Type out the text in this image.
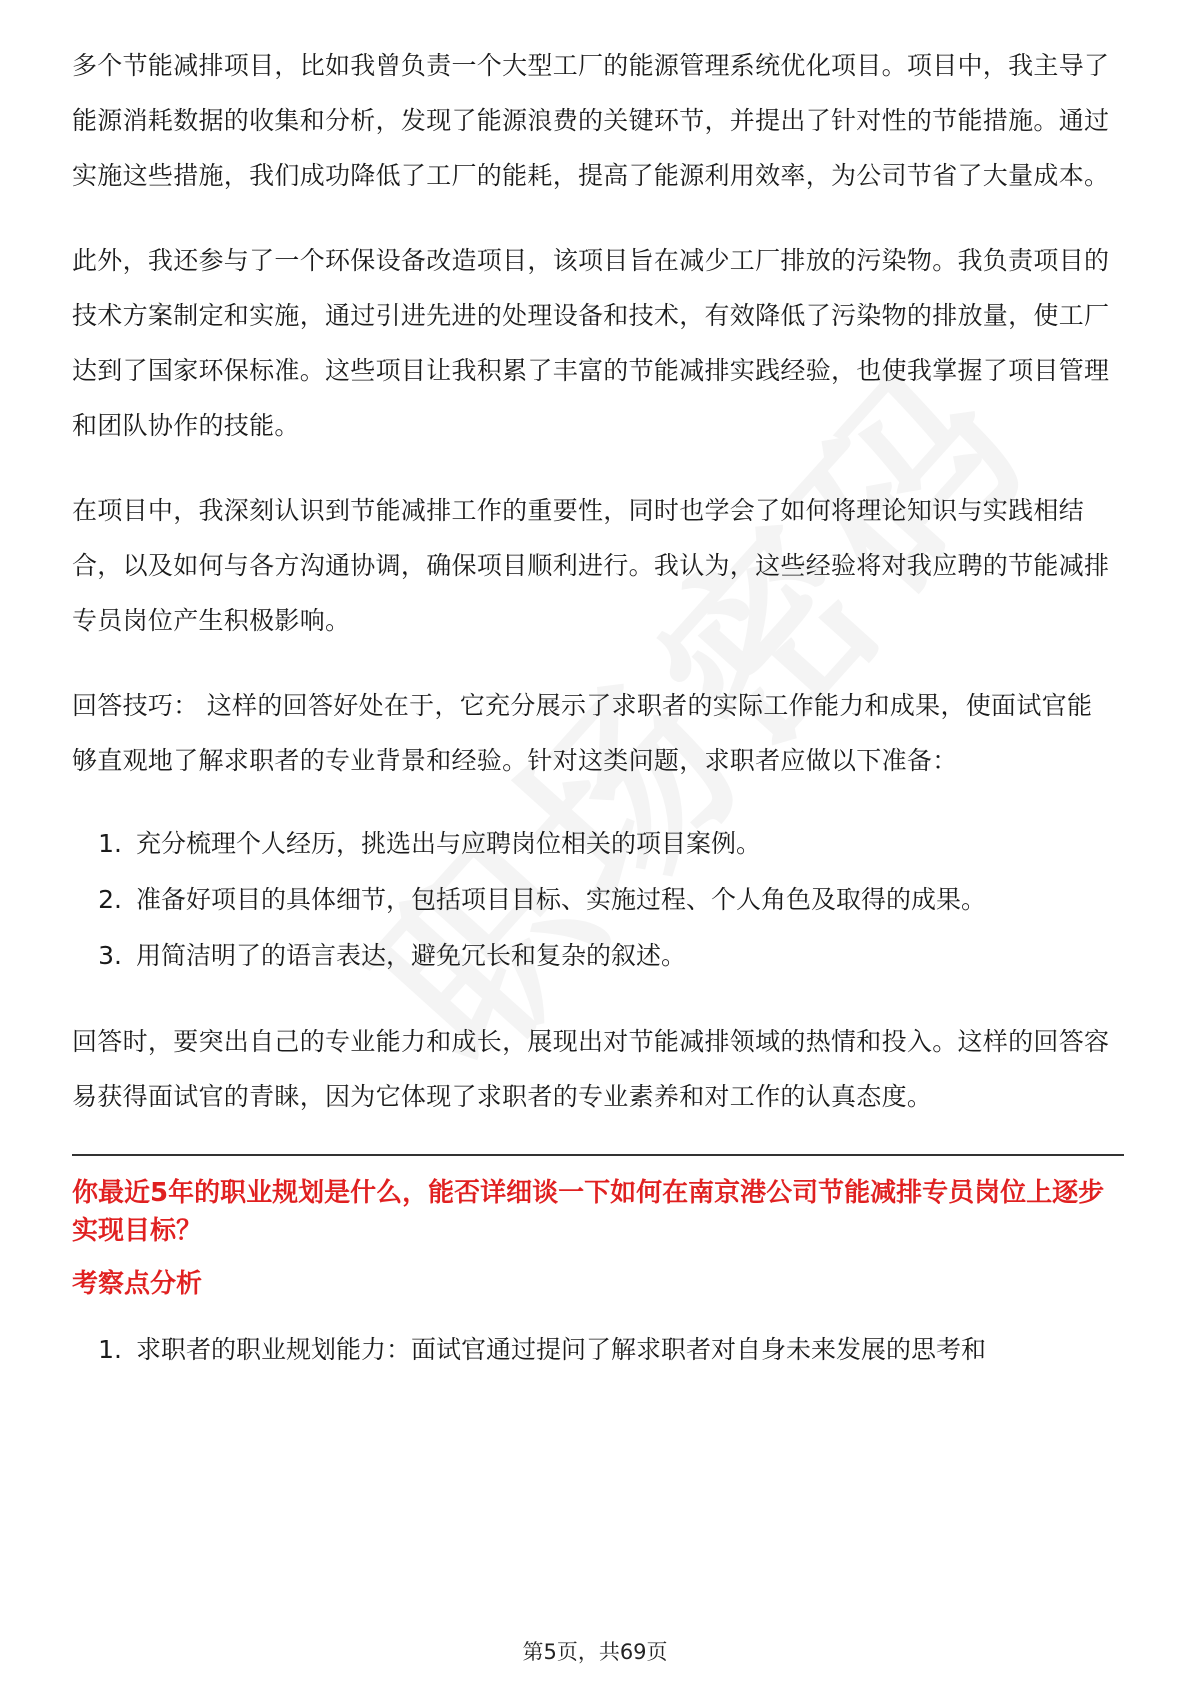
多个节能减排项目，比如我曾负责一个大型工厂的能源管理系统优化项目。项目中，我主导了能源消耗数据的收集和分析，发现了能源浪费的关键环节，并提出了针对性的节能措施。通过实施这些措施，我们成功降低了工厂的能耗，提高了能源利用效率，为公司节省了大量成本。

此外，我还参与了一个环保设备改造项目，该项目旨在减少工厂排放的污染物。我负责项目的技术方案制定和实施，通过引进先进的处理设备和技术，有效降低了污染物的排放量，使工厂达到了国家环保标准。这些项目让我积累了丰富的节能减排实践经验，也使我掌握了项目管理和团队协作的技能。

在项目中，我深刻认识到节能减排工作的重要性，同时也学会了如何将理论知识与实践相结合，以及如何与各方沟通协调，确保项目顺利进行。我认为，这些经验将对我应聘的节能减排专员岗位产生积极影响。

回答技巧： 这样的回答好处在于，它充分展示了求职者的实际工作能力和成果，使面试官能够直观地了解求职者的专业背景和经验。针对这类问题，求职者应做以下准备：

1. 充分梳理个人经历，挑选出与应聘岗位相关的项目案例。
2. 准备好项目的具体细节，包括项目目标、实施过程、个人角色及取得的成果。
3. 用简洁明了的语言表达，避免冗长和复杂的叙述。

回答时，要突出自己的专业能力和成长，展现出对节能减排领域的热情和投入。这样的回答容易获得面试官的青睐，因为它体现了求职者的专业素养和对工作的认真态度。

你最近5年的职业规划是什么，能否详细谈一下如何在南京港公司节能减排专员岗位上逐步实现目标？

考察点分析

1. 求职者的职业规划能力：面试官通过提问了解求职者对自身未来发展的思考和
第5页，共69页
